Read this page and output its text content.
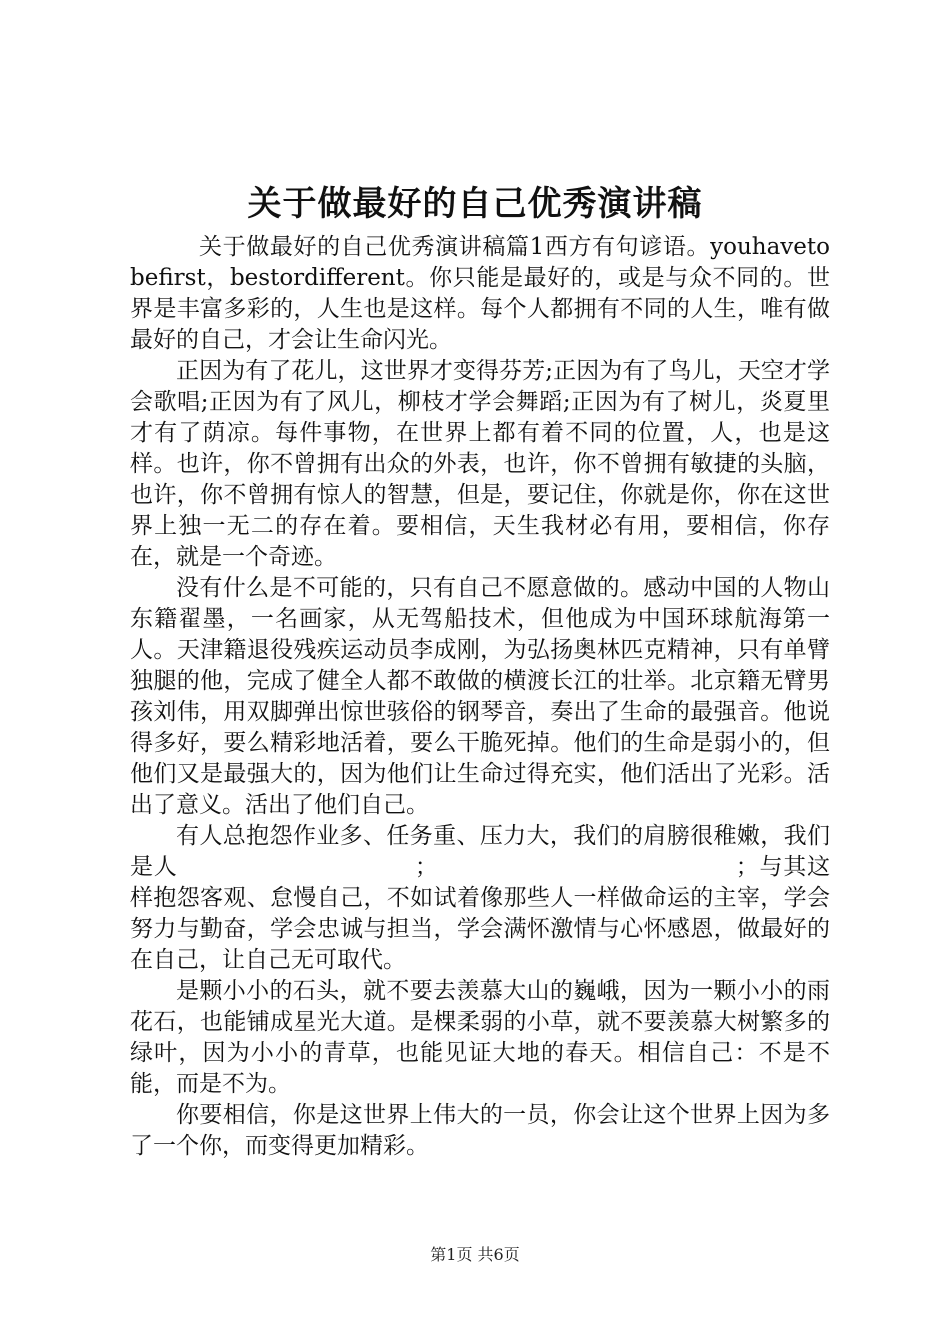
关于做最好的自己优秀演讲稿

关于做最好的自己优秀演讲稿篇1西方有句谚语。youhavetobefirst，bestordifferent。你只能是最好的，或是与众不同的。世界是丰富多彩的，人生也是这样。每个人都拥有不同的人生，唯有做最好的自己，才会让生命闪光。

正因为有了花儿，这世界才变得芬芳;正因为有了鸟儿，天空才学会歌唱;正因为有了风儿，柳枝才学会舞蹈;正因为有了树儿，炎夏里才有了荫凉。每件事物，在世界上都有着不同的位置，人，也是这样。也许，你不曾拥有出众的外表，也许，你不曾拥有敏捷的头脑，也许，你不曾拥有惊人的智慧，但是，要记住，你就是你，你在这世界上独一无二的存在着。要相信，天生我材必有用，要相信，你存在，就是一个奇迹。

没有什么是不可能的，只有自己不愿意做的。感动中国的人物山东籍翟墨，一名画家，从无驾船技术，但他成为中国环球航海第一人。天津籍退役残疾运动员李成刚，为弘扬奥林匹克精神，只有单臂独腿的他，完成了健全人都不敢做的横渡长江的壮举。北京籍无臂男孩刘伟，用双脚弹出惊世骇俗的钢琴音，奏出了生命的最强音。他说得多好，要么精彩地活着，要么干脆死掉。他们的生命是弱小的，但他们又是最强大的，因为他们让生命过得充实，他们活出了光彩。活出了意义。活出了他们自己。

有人总抱怨作业多、任务重、压力大，我们的肩膀很稚嫩，我们是人　　　　　　　　　　；　　　　　　　　　　　　　；与其这样抱怨客观、怠慢自己，不如试着像那些人一样做命运的主宰，学会努力与勤奋，学会忠诚与担当，学会满怀激情与心怀感恩，做最好的在自己，让自己无可取代。

是颗小小的石头，就不要去羡慕大山的巍峨，因为一颗小小的雨花石，也能铺成星光大道。是棵柔弱的小草，就不要羡慕大树繁多的绿叶，因为小小的青草，也能见证大地的春天。相信自己：不是不能，而是不为。

你要相信，你是这世界上伟大的一员，你会让这个世界上因为多了一个你，而变得更加精彩。

第1页 共6页
